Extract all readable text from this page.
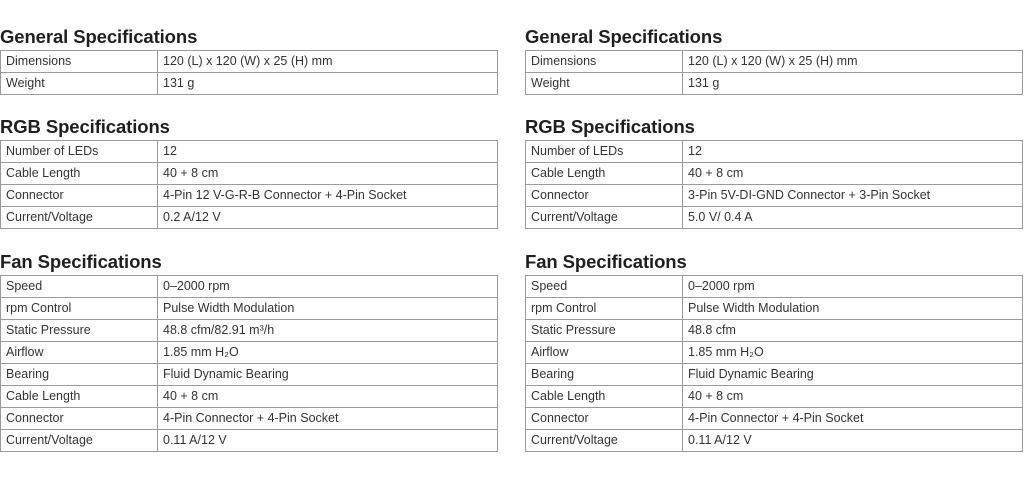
General Specifications
Dimensions	120 (L) x 120 (W) x 25 (H) mm
Weight	131 g
RGB Specifications
Number of LEDs	12
Cable Length	40 + 8 cm
Connector	4-Pin 12 V-G-R-B Connector + 4-Pin Socket
Current/Voltage	0.2 A/12 V
Fan Specifications
Speed	0–2000 rpm
rpm Control	Pulse Width Modulation
Static Pressure	48.8 cfm/82.91 m³/h
Airflow	1.85 mm H₂O
Bearing	Fluid Dynamic Bearing
Cable Length	40 + 8 cm
Connector	4-Pin Connector + 4-Pin Socket
Current/Voltage	0.11 A/12 V
General Specifications
Dimensions	120 (L) x 120 (W) x 25 (H) mm
Weight	131 g
RGB Specifications
Number of LEDs	12
Cable Length	40 + 8 cm
Connector	3-Pin 5V-DI-GND Connector + 3-Pin Socket
Current/Voltage	5.0 V/ 0.4 A
Fan Specifications
Speed	0–2000 rpm
rpm Control	Pulse Width Modulation
Static Pressure	48.8 cfm
Airflow	1.85 mm H₂O
Bearing	Fluid Dynamic Bearing
Cable Length	40 + 8 cm
Connector	4-Pin Connector + 4-Pin Socket
Current/Voltage	0.11 A/12 V
